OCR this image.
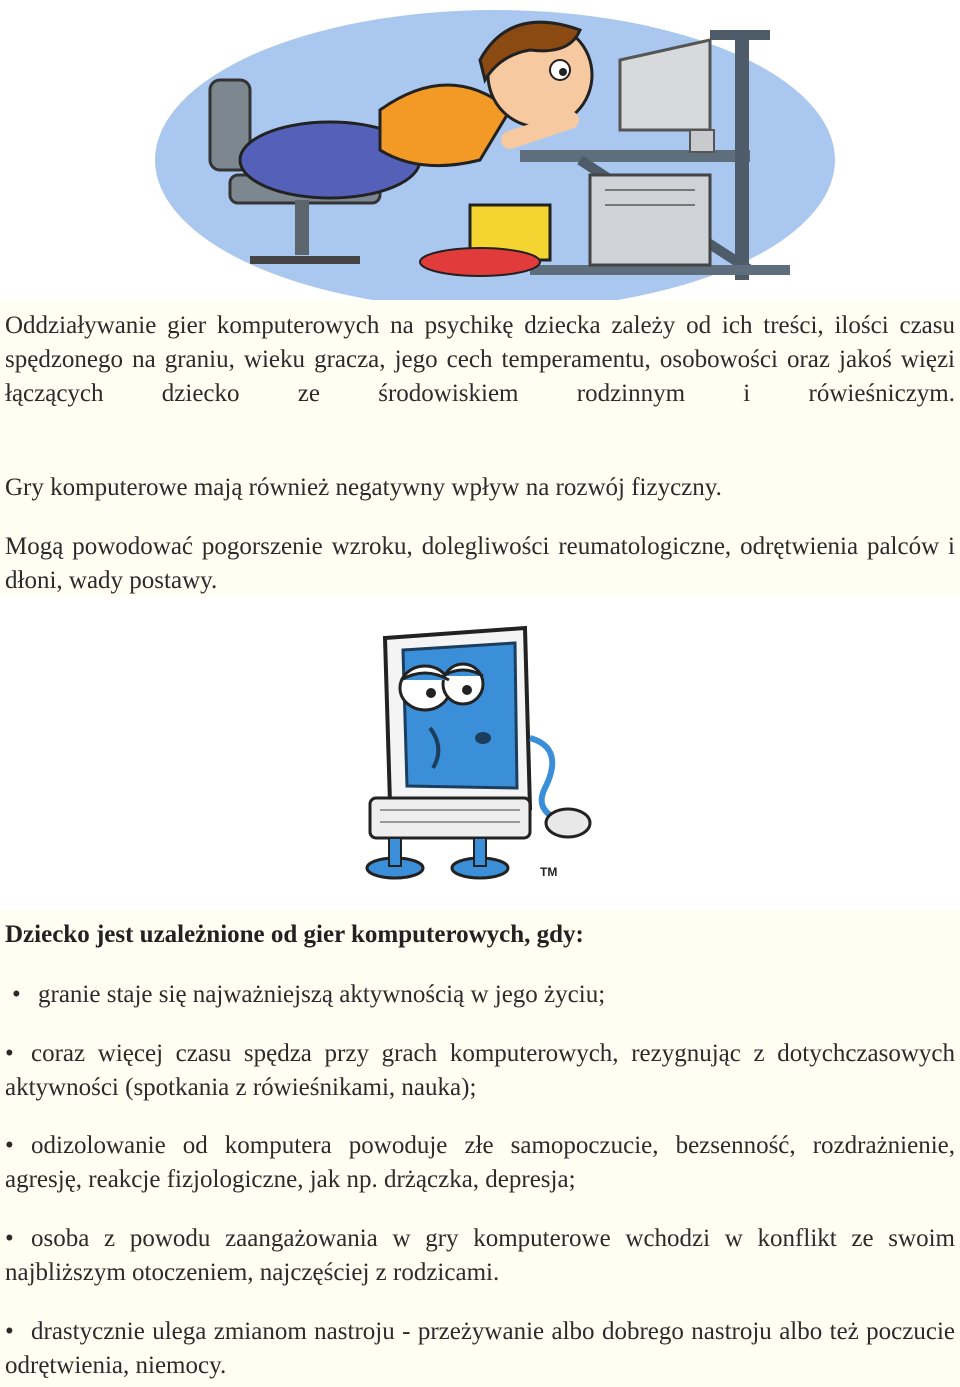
Oddziaływanie gier komputerowych na psychikę dziecka zależy od ich treści, ilości czasu spędzonego na graniu, wieku gracza, jego cech temperamentu, osobowości oraz jakoś więzi łączących dziecko ze środowiskiem rodzinnym i rówieśniczym.

Gry komputerowe mają również negatywny wpływ na rozwój fizyczny.

Mogą powodować pogorszenie wzroku, dolegliwości reumatologiczne, odrętwienia palców i dłoni, wady postawy.

TM
Dziecko jest uzależnione od gier komputerowych, gdy:

• granie staje się najważniejszą aktywnością w jego życiu;

• coraz więcej czasu spędza przy grach komputerowych, rezygnując z dotychczasowych aktywności (spotkania z rówieśnikami, nauka);

• odizolowanie od komputera powoduje złe samopoczucie, bezsenność, rozdrażnienie, agresję, reakcje fizjologiczne, jak np. drżączka, depresja;

• osoba z powodu zaangażowania w gry komputerowe wchodzi w konflikt ze swoim najbliższym otoczeniem, najczęściej z rodzicami.

• drastycznie ulega zmianom nastroju - przeżywanie albo dobrego nastroju albo też poczucie odrętwienia, niemocy.
